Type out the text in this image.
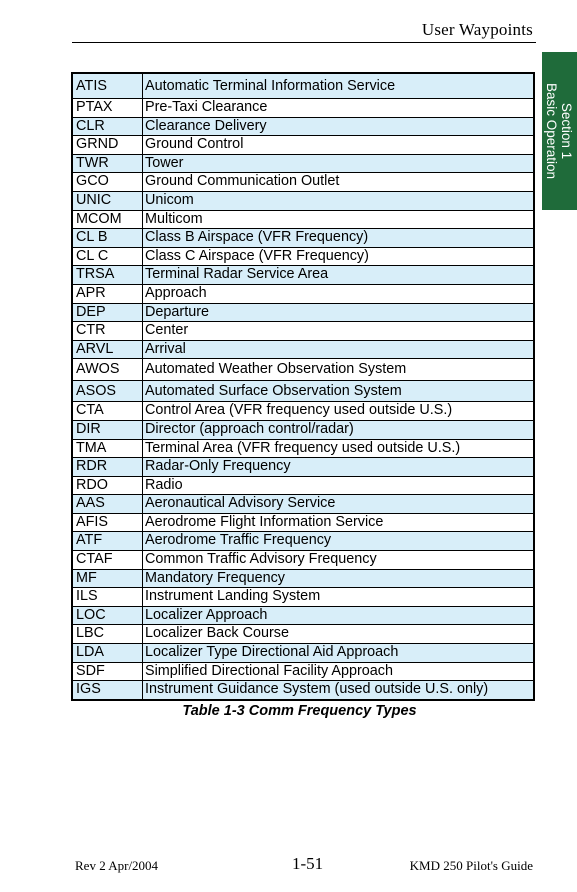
User Waypoints
Section 1
Basic Operation
ATIS	Automatic Terminal Information Service
PTAX	Pre-Taxi Clearance
CLR	Clearance Delivery
GRND	Ground Control
TWR	Tower
GCO	Ground Communication Outlet
UNIC	Unicom
MCOM	Multicom
CL B	Class B Airspace (VFR Frequency)
CL C	Class C Airspace (VFR Frequency)
TRSA	Terminal Radar Service Area
APR	Approach
DEP	Departure
CTR	Center
ARVL	Arrival
AWOS	Automated Weather Observation System
ASOS	Automated Surface Observation System
CTA	Control Area (VFR frequency used outside U.S.)
DIR	Director (approach control/radar)
TMA	Terminal Area (VFR frequency used outside U.S.)
RDR	Radar-Only Frequency
RDO	Radio
AAS	Aeronautical Advisory Service
AFIS	Aerodrome Flight Information Service
ATF	Aerodrome Traffic Frequency
CTAF	Common Traffic Advisory Frequency
MF	Mandatory Frequency
ILS	Instrument Landing System
LOC	Localizer Approach
LBC	Localizer Back Course
LDA	Localizer Type Directional Aid Approach
SDF	Simplified Directional Facility Approach
IGS	Instrument Guidance System (used outside U.S. only)
Table 1-3 Comm Frequency Types
Rev 2 Apr/2004	1-51	KMD 250 Pilot's Guide
